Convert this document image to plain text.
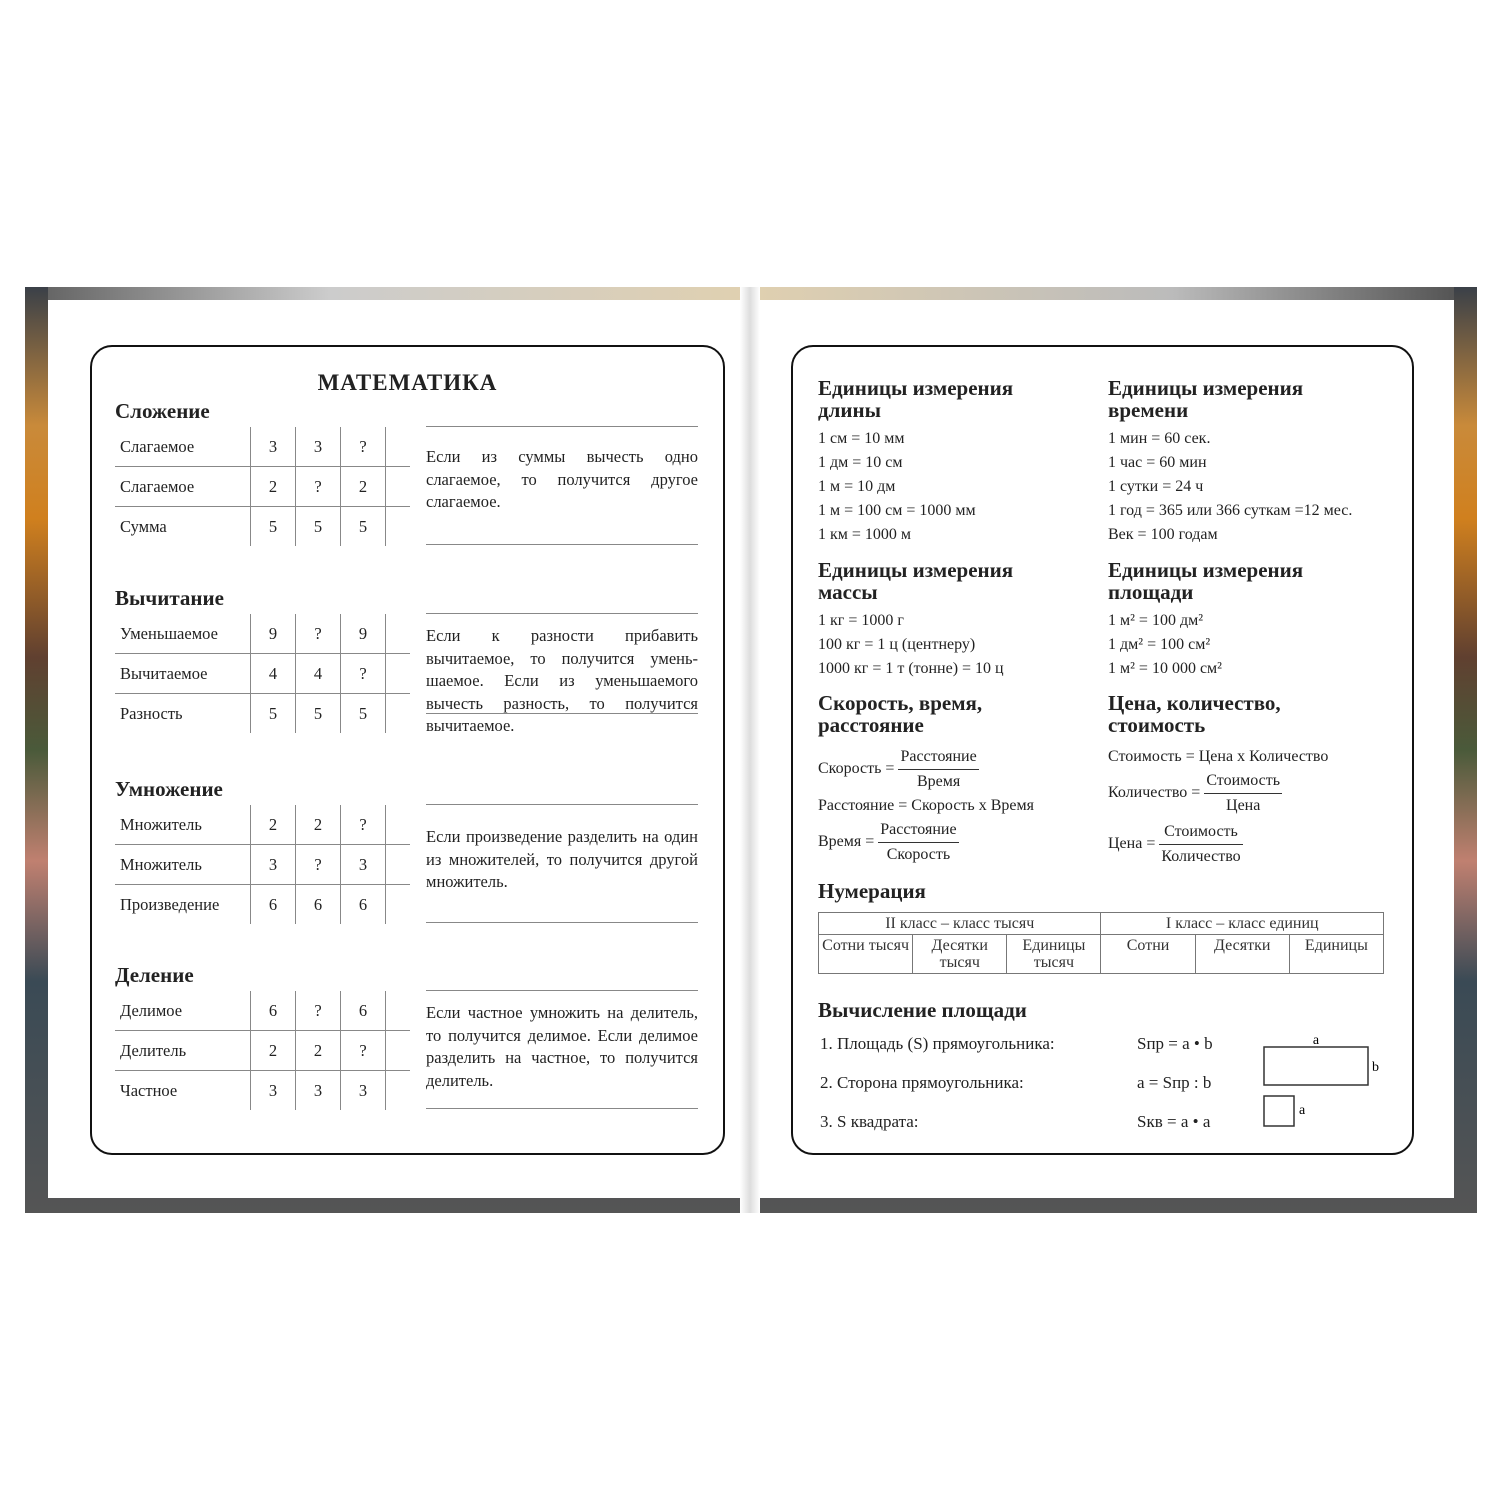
МАТЕМАТИКА
Сложение
Слагаемое	3	3	?	
Слагаемое	2	?	2	
Сумма	5	5	5	
Если из суммы вычесть одно слагаемое, то получится другое слагаемое.
Вычитание
Уменьшаемое	9	?	9	
Вычитаемое	4	4	?	
Разность	5	5	5	
Если к разности прибавить вычитаемое, то получится уменьшаемое. Если из уменьшаемого вычесть разность, то получится вычитаемое.
Умножение
Множитель	2	2	?	
Множитель	3	?	3	
Произведение	6	6	6	
Если произведение разделить на один из множителей, то получится другой множитель.
Деление
Делимое	6	?	6	
Делитель	2	2	?	
Частное	3	3	3	
Если частное умножить на делитель, то получится делимое. Если делимое разделить на частное, то получится делитель.
Единицы измерения
длины
1 см = 10 мм
1 дм = 10 см
1 м = 10 дм
1 м = 100 см = 1000 мм
1 км = 1000 м
Единицы измерения
времени
1 мин = 60 сек.
1 час = 60 мин
1 сутки = 24 ч
1 год = 365 или 366 суткам =12 мес.
Век = 100 годам
Единицы измерения
массы
1 кг = 1000 г
100 кг = 1 ц (центнеру)
1000 кг = 1 т (тонне) = 10 ц
Единицы измерения
площади
1 м² = 100 дм²
1 дм² = 100 см²
1 м² = 10 000 см²
Скорость, время,
расстояние
Скорость = $\frac{\text{Расстояние}}{\text{Время}}$
Расстояние = Скорость х Время
Время = $\frac{\text{Расстояние}}{\text{Скорость}}$
Цена, количество,
стоимость
Стоимость = Цена х Количество
Количество = $\frac{\text{Стоимость}}{\text{Цена}}$
Цена = $\frac{\text{Стоимость}}{\text{Количество}}$
Нумерация
II класс – класс тысяч			I класс – класс единиц		
Сотни тысяч	Десятки тысяч	Единицы тысяч	Сотни	Десятки	Единицы
Вычисление площади
1. Площадь (S) прямоугольника:	Sпр = a • b
2. Сторона прямоугольника:	a = Sпр : b
3. S квадрата:	Sкв = a • a
a
b
a
